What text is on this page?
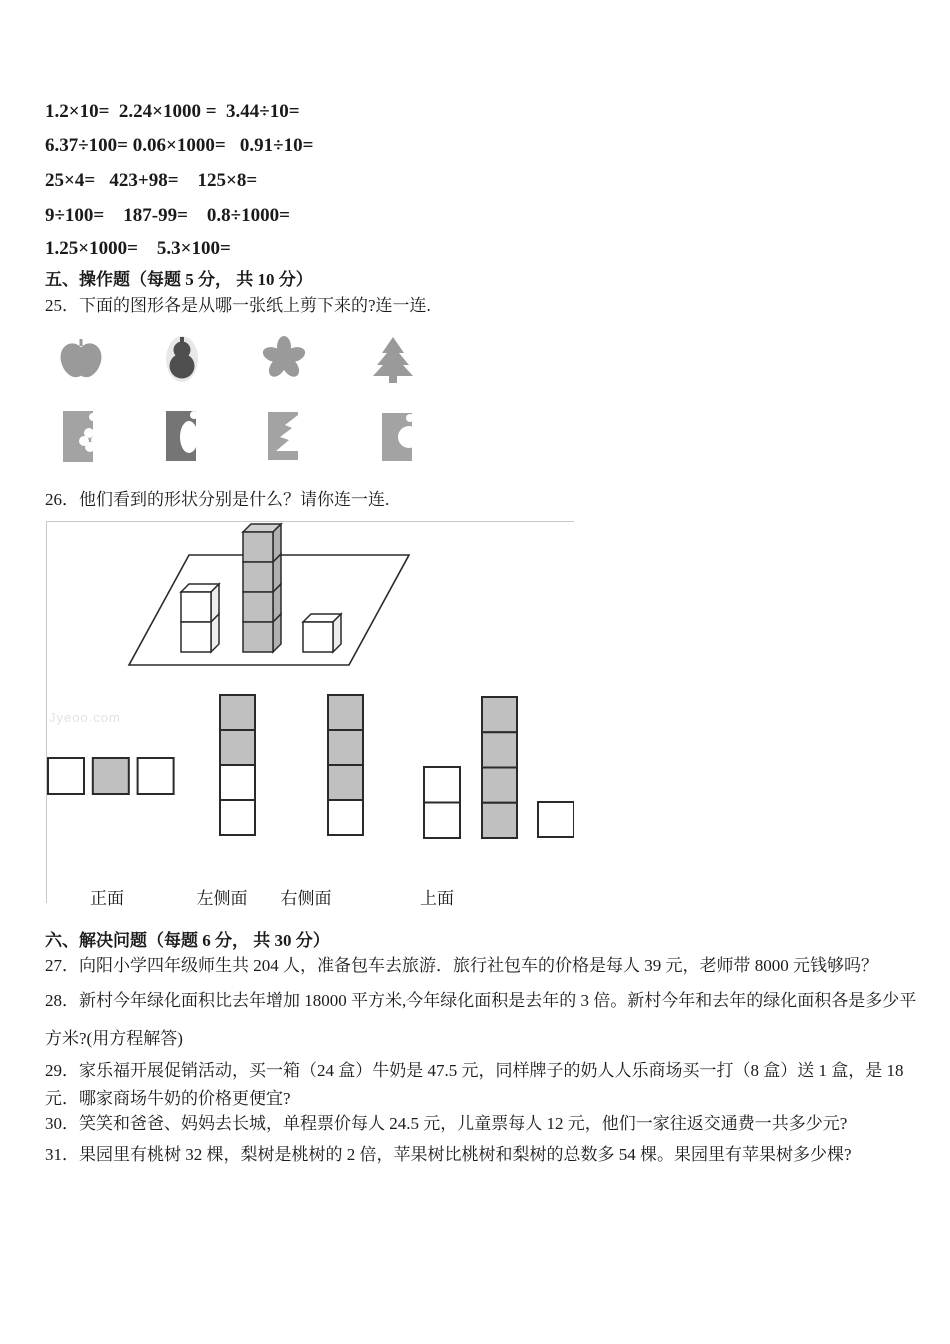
1.2×10=  2.24×1000 =  3.44÷10=
6.37÷100= 0.06×1000=   0.91÷10=
25×4=   423+98=    125×8=
9÷100=    187-99=    0.8÷1000=
1.25×1000=    5.3×100=
五、操作题（每题 5 分， 共 10 分）
25．下面的图形各是从哪一张纸上剪下来的?连一连.
26．他们看到的形状分别是什么？请你连一连.
Jyeoo.com
正面	左侧面	右侧面	上面
六、解决问题（每题 6 分， 共 30 分）
27．向阳小学四年级师生共 204 人，准备包车去旅游．旅行社包车的价格是每人 39 元，老师带 8000 元钱够吗？
28．新村今年绿化面积比去年增加 18000 平方米,今年绿化面积是去年的 3 倍。新村今年和去年的绿化面积各是多少平
方米?(用方程解答)
29．家乐福开展促销活动，买一箱（24 盒）牛奶是 47.5 元，同样牌子的奶人人乐商场买一打（8 盒）送 1 盒，是 18
元．哪家商场牛奶的价格更便宜?
30．笑笑和爸爸、妈妈去长城，单程票价每人 24.5 元，儿童票每人 12 元，他们一家往返交通费一共多少元?
31．果园里有桃树 32 棵，梨树是桃树的 2 倍，苹果树比桃树和梨树的总数多 54 棵。果园里有苹果树多少棵?
